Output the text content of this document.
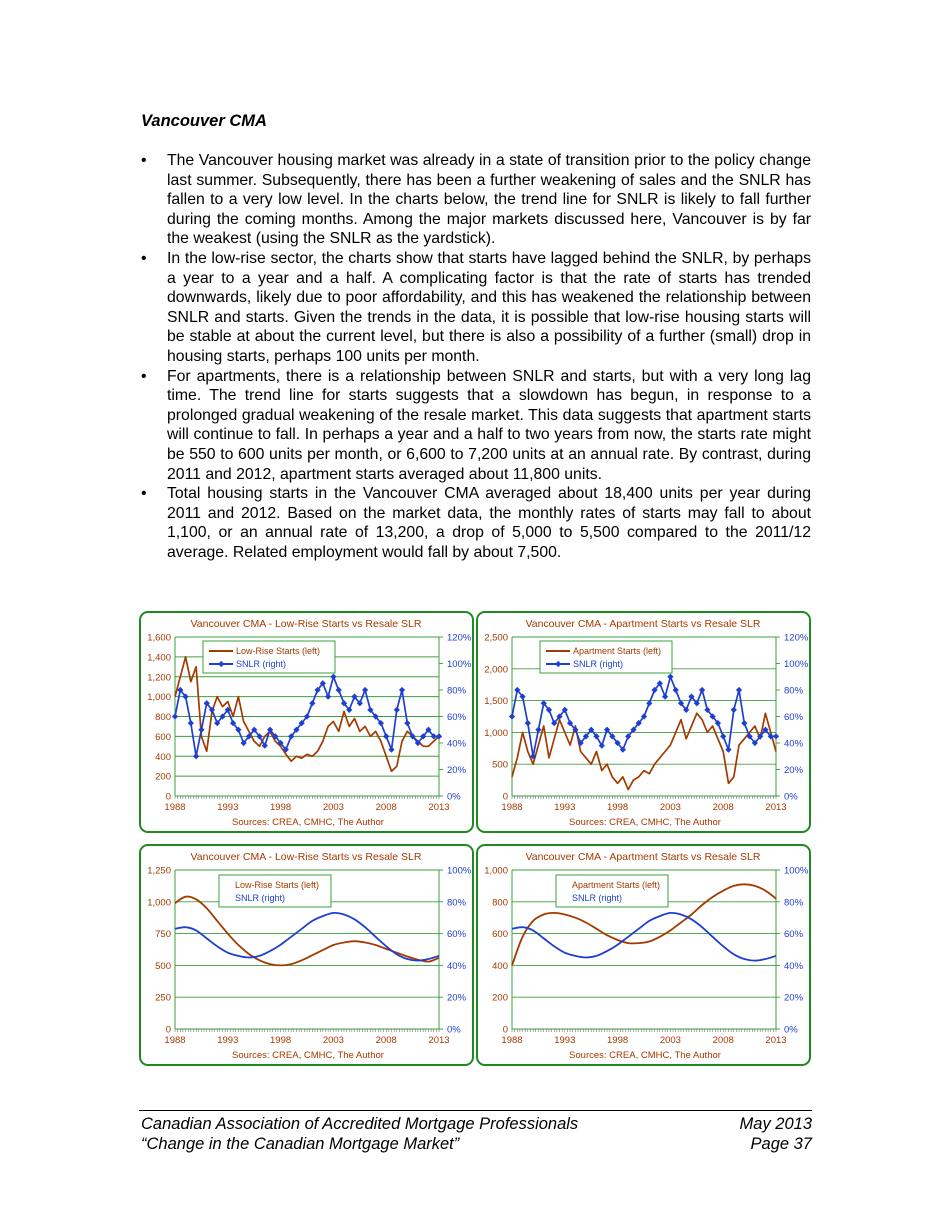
Vancouver CMA
• The Vancouver housing market was already in a state of transition prior to the policy change last summer. Subsequently, there has been a further weakening of sales and the SNLR has fallen to a very low level. In the charts below, the trend line for SNLR is likely to fall further during the coming months. Among the major markets discussed here, Vancouver is by far the weakest (using the SNLR as the yardstick).
• In the low-rise sector, the charts show that starts have lagged behind the SNLR, by perhaps a year to a year and a half. A complicating factor is that the rate of starts has trended downwards, likely due to poor affordability, and this has weakened the relationship between SNLR and starts. Given the trends in the data, it is possible that low-rise housing starts will be stable at about the current level, but there is also a possibility of a further (small) drop in housing starts, perhaps 100 units per month.
• For apartments, there is a relationship between SNLR and starts, but with a very long lag time. The trend line for starts suggests that a slowdown has begun, in response to a prolonged gradual weakening of the resale market. This data suggests that apartment starts will continue to fall. In perhaps a year and a half to two years from now, the starts rate might be 550 to 600 units per month, or 6,600 to 7,200 units at an annual rate. By contrast, during 2011 and 2012, apartment starts averaged about 11,800 units.
• Total housing starts in the Vancouver CMA averaged about 18,400 units per year during 2011 and 2012. Based on the market data, the monthly rates of starts may fall to about 1,100, or an annual rate of 13,200, a drop of 5,000 to 5,500 compared to the 2011/12 average. Related employment would fall by about 7,500.
Vancouver CMA - Low-Rise Starts vs Resale SLR
0
200
400
600
800
1,000
1,200
1,400
1,600
0%
20%
40%
60%
80%
100%
120%
1988	1993	1998	2003	2008	2013
Low-Rise Starts (left)
SNLR (right)
Sources: CREA, CMHC, The Author
Vancouver CMA - Apartment Starts vs Resale SLR
0
500
1,000
1,500
2,000
2,500
0%
20%
40%
60%
80%
100%
120%
1988	1993	1998	2003	2008	2013
Apartment Starts (left)
SNLR (right)
Sources: CREA, CMHC, The Author
Vancouver CMA - Low-Rise Starts vs Resale SLR
0
250
500
750
1,000
1,250
0%
20%
40%
60%
80%
100%
1988	1993	1998	2003	2008	2013
Low-Rise Starts (left)
SNLR (right)
Sources: CREA, CMHC, The Author
Vancouver CMA - Apartment Starts vs Resale SLR
0
200
400
600
800
1,000
0%
20%
40%
60%
80%
100%
1988	1993	1998	2003	2008	2013
Apartment Starts (left)
SNLR (right)
Sources: CREA, CMHC, The Author
Canadian Association of Accredited Mortgage Professionals
“Change in the Canadian Mortgage Market”
May 2013
Page 37
